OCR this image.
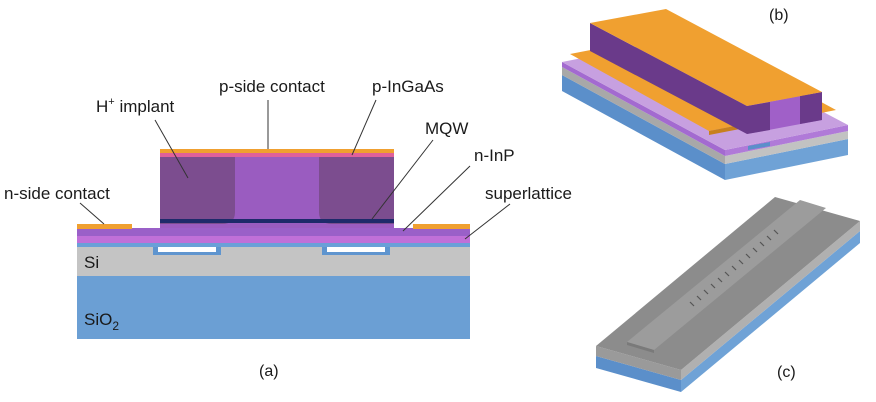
H+ implant
p-side contact	p-InGaAs
MQW
n-InP
n-side contact	superlattice
Si
SiO$_2$
(a)
(b)
(c)
